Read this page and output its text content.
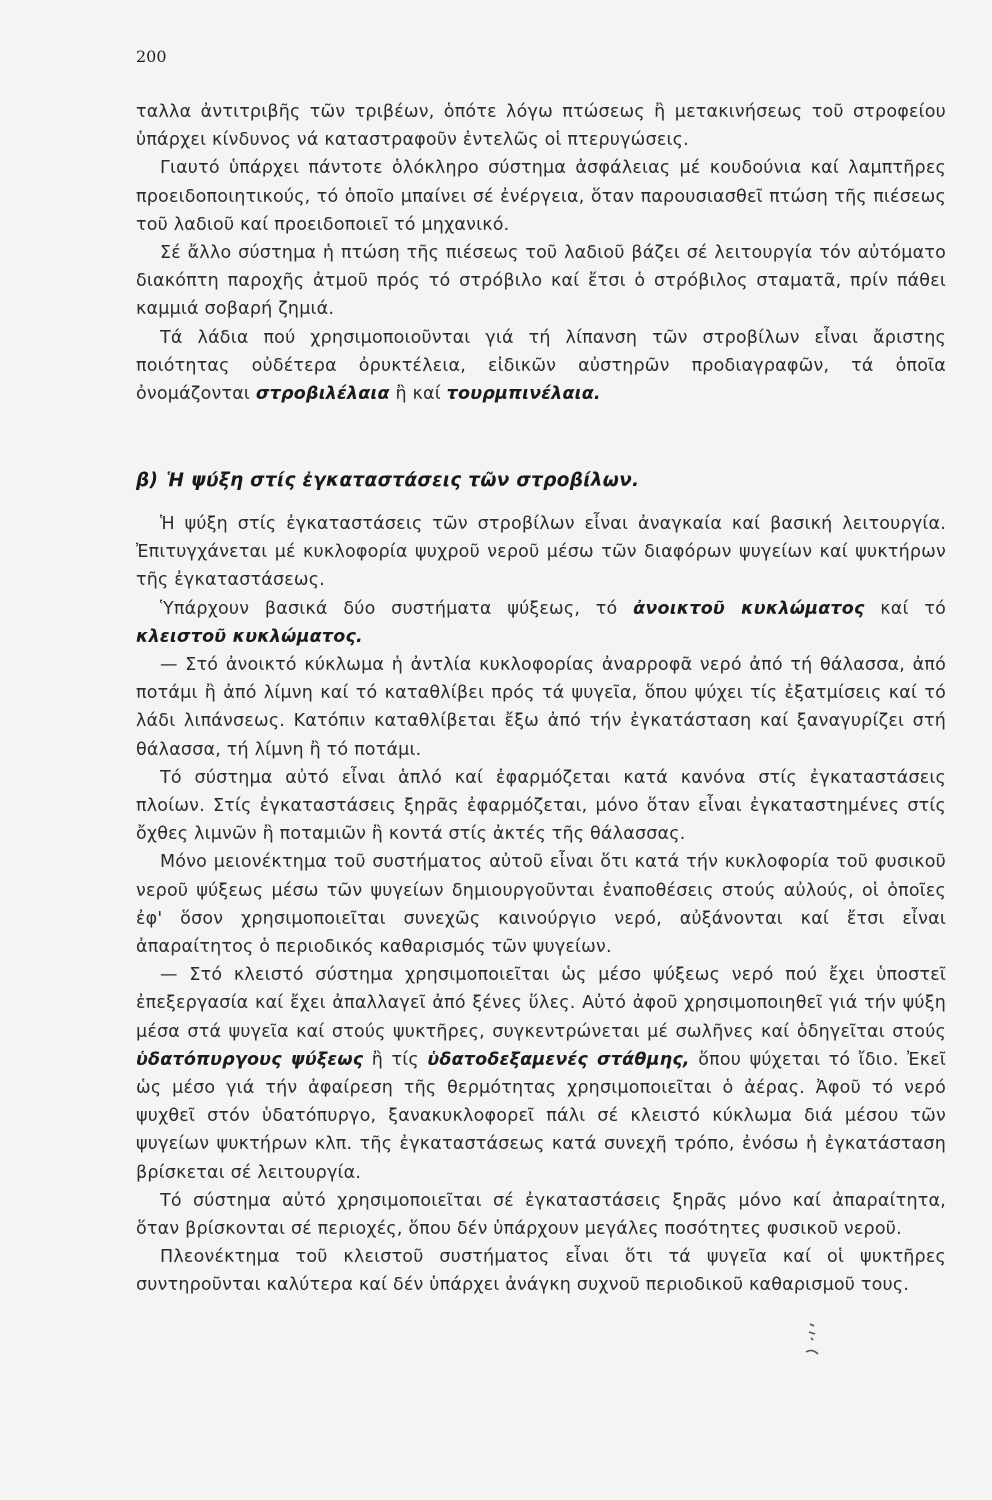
200

ταλλα ἀντιτριβῆς τῶν τριβέων, ὁπότε λόγω πτώσεως ἢ μετακινήσεως τοῦ στροφείου ὑπάρχει κίνδυνος νά καταστραφοῦν ἐντελῶς οἱ πτερυγώσεις.

Γιαυτό ὑπάρχει πάντοτε ὁλόκληρο σύστημα ἀσφάλειας μέ κουδούνια καί λαμπτῆρες προειδοποιητικούς, τό ὁποῖο μπαίνει σέ ἐνέργεια, ὅταν παρουσιασθεῖ πτώση τῆς πιέσεως τοῦ λαδιοῦ καί προειδοποιεῖ τό μηχανικό.

Σέ ἄλλο σύστημα ἡ πτώση τῆς πιέσεως τοῦ λαδιοῦ βάζει σέ λειτουργία τόν αὐτόματο διακόπτη παροχῆς ἀτμοῦ πρός τό στρόβιλο καί ἔτσι ὁ στρόβιλος σταματᾶ, πρίν πάθει καμμιά σοβαρή ζημιά.

Τά λάδια πού χρησιμοποιοῦνται γιά τή λίπανση τῶν στροβίλων εἶναι ἄριστης ποιότητας οὐδέτερα ὀρυκτέλεια, εἰδικῶν αὐστηρῶν προδιαγραφῶν, τά ὁποῖα ὀνομάζονται στροβιλέλαια ἢ καί τουρμπινέλαια.

β) Ἡ ψύξη στίς ἐγκαταστάσεις τῶν στροβίλων.

Ἡ ψύξη στίς ἐγκαταστάσεις τῶν στροβίλων εἶναι ἀναγκαία καί βασική λειτουργία. Ἐπιτυγχάνεται μέ κυκλοφορία ψυχροῦ νεροῦ μέσω τῶν διαφόρων ψυγείων καί ψυκτήρων τῆς ἐγκαταστάσεως.

Ὑπάρχουν βασικά δύο συστήματα ψύξεως, τό ἀνοικτοῦ κυκλώματος καί τό κλειστοῦ κυκλώματος.

— Στό ἀνοικτό κύκλωμα ἡ ἀντλία κυκλοφορίας ἀναρροφᾶ νερό ἀπό τή θάλασσα, ἀπό ποτάμι ἢ ἀπό λίμνη καί τό καταθλίβει πρός τά ψυγεῖα, ὅπου ψύχει τίς ἐξατμίσεις καί τό λάδι λιπάνσεως. Κατόπιν καταθλίβεται ἔξω ἀπό τήν ἐγκατάσταση καί ξαναγυρίζει στή θάλασσα, τή λίμνη ἢ τό ποτάμι.

Τό σύστημα αὐτό εἶναι ἁπλό καί ἐφαρμόζεται κατά κανόνα στίς ἐγκαταστάσεις πλοίων. Στίς ἐγκαταστάσεις ξηρᾶς ἐφαρμόζεται, μόνο ὅταν εἶναι ἐγκαταστημένες στίς ὄχθες λιμνῶν ἢ ποταμιῶν ἢ κοντά στίς ἀκτές τῆς θάλασσας.

Μόνο μειονέκτημα τοῦ συστήματος αὐτοῦ εἶναι ὅτι κατά τήν κυκλοφορία τοῦ φυσικοῦ νεροῦ ψύξεως μέσω τῶν ψυγείων δημιουργοῦνται ἐναποθέσεις στούς αὐλούς, οἱ ὁποῖες ἐφ' ὅσον χρησιμοποιεῖται συνεχῶς καινούργιο νερό, αὐξάνονται καί ἔτσι εἶναι ἀπαραίτητος ὁ περιοδικός καθαρισμός τῶν ψυγείων.

— Στό κλειστό σύστημα χρησιμοποιεῖται ὡς μέσο ψύξεως νερό πού ἔχει ὑποστεῖ ἐπεξεργασία καί ἔχει ἀπαλλαγεῖ ἀπό ξένες ὕλες. Αὐτό ἀφοῦ χρησιμοποιηθεῖ γιά τήν ψύξη μέσα στά ψυγεῖα καί στούς ψυκτῆρες, συγκεντρώνεται μέ σωλῆνες καί ὁδηγεῖται στούς ὑδατόπυργους ψύξεως ἢ τίς ὑδατοδεξαμενές στάθμης, ὅπου ψύχεται τό ἴδιο. Ἐκεῖ ὡς μέσο γιά τήν ἀφαίρεση τῆς θερμότητας χρησιμοποιεῖται ὁ ἀέρας. Ἀφοῦ τό νερό ψυχθεῖ στόν ὑδατόπυργο, ξανακυκλοφορεῖ πάλι σέ κλειστό κύκλωμα διά μέσου τῶν ψυγείων ψυκτήρων κλπ. τῆς ἐγκαταστάσεως κατά συνεχῆ τρόπο, ἐνόσω ἡ ἐγκατάσταση βρίσκεται σέ λειτουργία.

Τό σύστημα αὐτό χρησιμοποιεῖται σέ ἐγκαταστάσεις ξηρᾶς μόνο καί ἀπαραίτητα, ὅταν βρίσκονται σέ περιοχές, ὅπου δέν ὑπάρχουν μεγάλες ποσότητες φυσικοῦ νεροῦ.

Πλεονέκτημα τοῦ κλειστοῦ συστήματος εἶναι ὅτι τά ψυγεῖα καί οἱ ψυκτῆρες συντηροῦνται καλύτερα καί δέν ὑπάρχει ἀνάγκη συχνοῦ περιοδικοῦ καθαρισμοῦ τους.
